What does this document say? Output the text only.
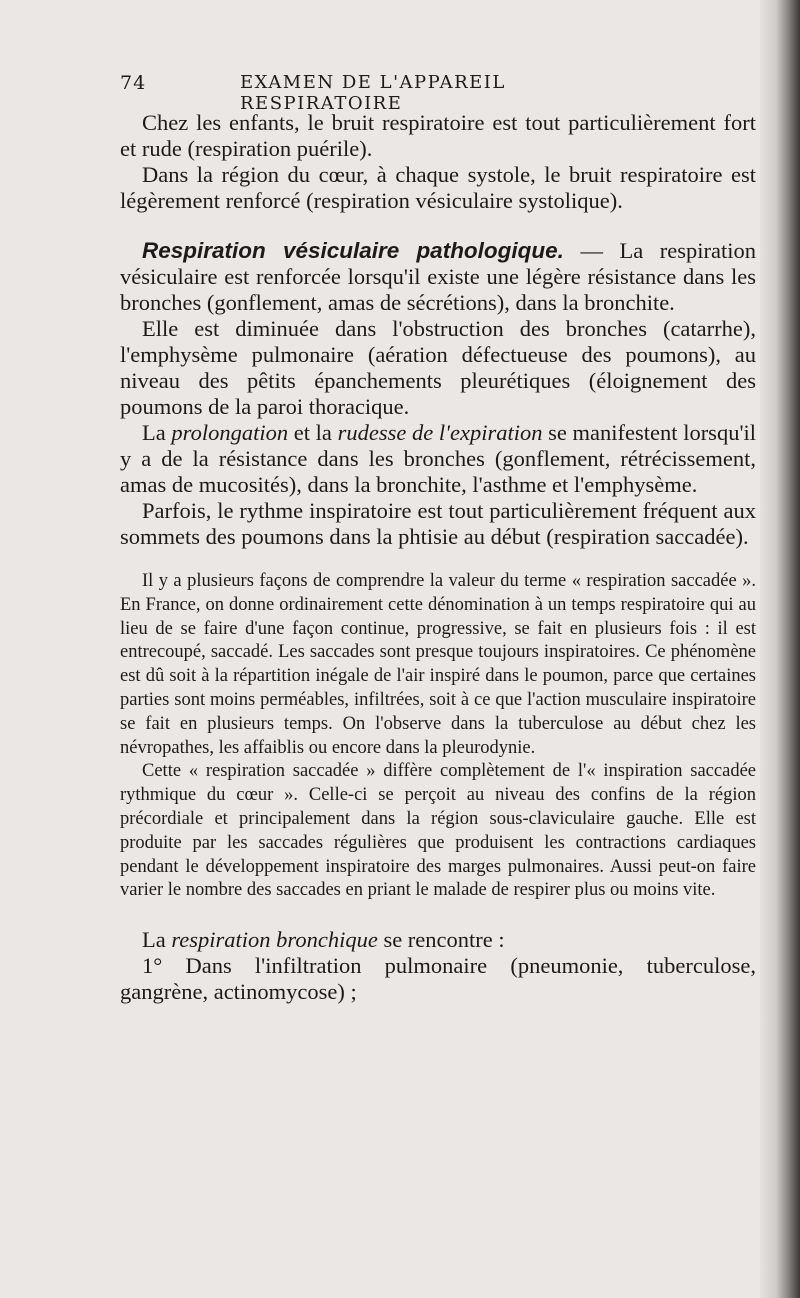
74	EXAMEN DE L'APPAREIL RESPIRATOIRE

Chez les enfants, le bruit respiratoire est tout particulièrement fort et rude (respiration puérile).

Dans la région du cœur, à chaque systole, le bruit respiratoire est légèrement renforcé (respiration vésiculaire systolique).

Respiration vésiculaire pathologique. — La respiration vésiculaire est renforcée lorsqu'il existe une légère résistance dans les bronches (gonflement, amas de sécrétions), dans la bronchite.

Elle est diminuée dans l'obstruction des bronches (catarrhe), l'emphysème pulmonaire (aération défectueuse des poumons), au niveau des pêtits épanchements pleurétiques (éloignement des poumons de la paroi thoracique.

La prolongation et la rudesse de l'expiration se manifestent lorsqu'il y a de la résistance dans les bronches (gonflement, rétrécissement, amas de mucosités), dans la bronchite, l'asthme et l'emphysème.

Parfois, le rythme inspiratoire est tout particulièrement fréquent aux sommets des poumons dans la phtisie au début (respiration saccadée).

Il y a plusieurs façons de comprendre la valeur du terme « respiration saccadée ». En France, on donne ordinairement cette dénomination à un temps respiratoire qui au lieu de se faire d'une façon continue, progressive, se fait en plusieurs fois : il est entrecoupé, saccadé. Les saccades sont presque toujours inspiratoires. Ce phénomène est dû soit à la répartition inégale de l'air inspiré dans le poumon, parce que certaines parties sont moins perméables, infiltrées, soit à ce que l'action musculaire inspiratoire se fait en plusieurs temps. On l'observe dans la tuberculose au début chez les névropathes, les affaiblis ou encore dans la pleurodynie.

Cette « respiration saccadée » diffère complètement de l'« inspiration saccadée rythmique du cœur ». Celle-ci se perçoit au niveau des confins de la région précordiale et principalement dans la région sous-claviculaire gauche. Elle est produite par les saccades régulières que produisent les contractions cardiaques pendant le développement inspiratoire des marges pulmonaires. Aussi peut-on faire varier le nombre des saccades en priant le malade de respirer plus ou moins vite.

La respiration bronchique se rencontre :

1° Dans l'infiltration pulmonaire (pneumonie, tuberculose, gangrène, actinomycose) ;
